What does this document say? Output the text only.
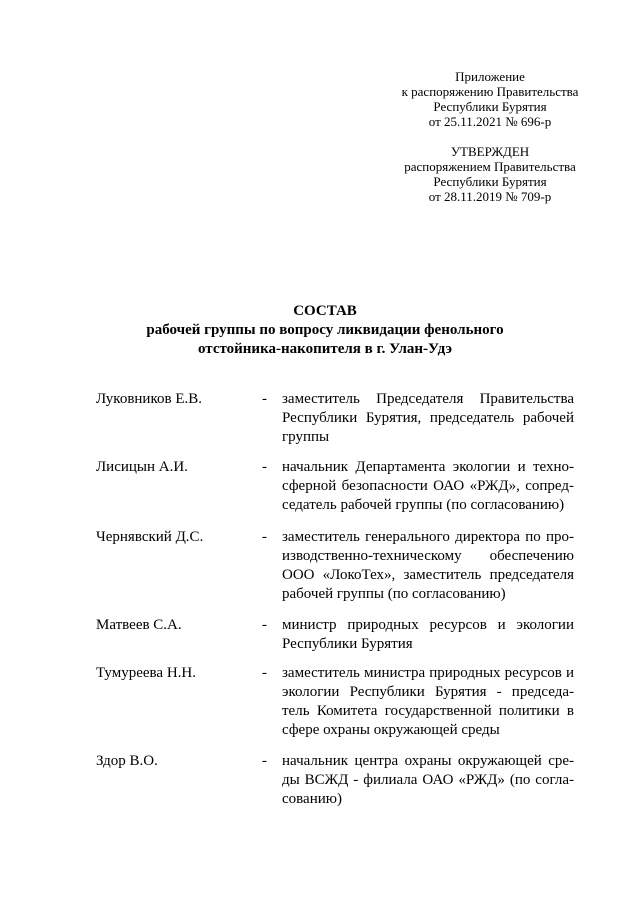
Приложение
к распоряжению Правительства
Республики Бурятия
от 25.11.2021 № 696-р
УТВЕРЖДЕН
распоряжением Правительства
Республики Бурятия
от 28.11.2019 № 709-р
СОСТАВ
рабочей группы по вопросу ликвидации фенольного
отстойника-накопителя в г. Улан-Удэ
Луковников Е.В.	- заместитель Председателя Правительства
Республики Бурятия, председатель рабочей
группы
Лисицын А.И.	- начальник Департамента экологии и техно-
сферной безопасности ОАО «РЖД», сопред-
седатель рабочей группы (по согласованию)
Чернявский Д.С.	- заместитель генерального директора по про-
изводственно-техническому обеспечению
ООО «ЛокоТех», заместитель председателя
рабочей группы (по согласованию)
Матвеев С.А.	- министр природных ресурсов и экологии
Республики Бурятия
Тумуреева Н.Н.	- заместитель министра природных ресурсов и
экологии Республики Бурятия - председа-
тель Комитета государственной политики в
сфере охраны окружающей среды
Здор В.О.	- начальник центра охраны окружающей сре-
ды ВСЖД - филиала ОАО «РЖД» (по согла-
сованию)
